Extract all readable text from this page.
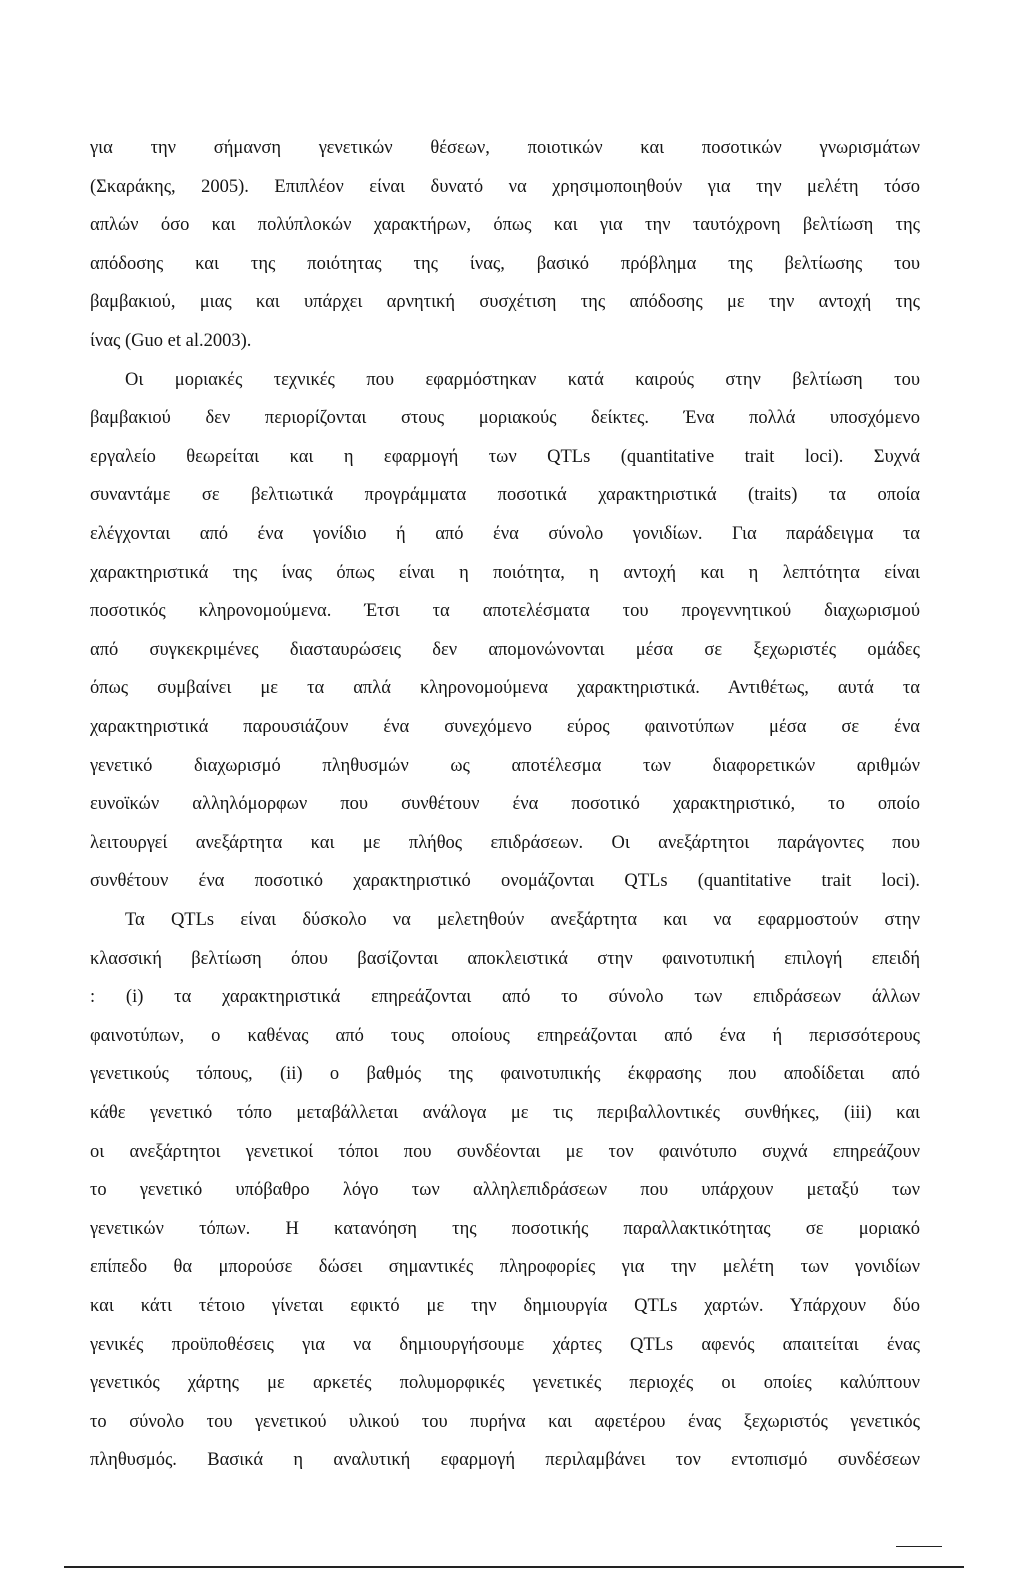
για την σήμανση γενετικών θέσεων, ποιοτικών και ποσοτικών γνωρισμάτων
(Σκαράκης, 2005). Επιπλέον είναι δυνατό να χρησιμοποιηθούν για την μελέτη τόσο
απλών όσο και πολύπλοκών χαρακτήρων, όπως και για την ταυτόχρονη βελτίωση της
απόδοσης και της ποιότητας της ίνας, βασικό πρόβλημα της βελτίωσης του
βαμβακιού, μιας και υπάρχει αρνητική συσχέτιση της απόδοσης με την αντοχή της
ίνας (Guo et al.2003).
Οι μοριακές τεχνικές που εφαρμόστηκαν κατά καιρούς στην βελτίωση του
βαμβακιού δεν περιορίζονται στους μοριακούς δείκτες. Ένα πολλά υποσχόμενο
εργαλείο θεωρείται και η εφαρμογή των QTLs (quantitative trait loci). Συχνά
συναντάμε σε βελτιωτικά προγράμματα ποσοτικά χαρακτηριστικά (traits) τα οποία
ελέγχονται από ένα γονίδιο ή από ένα σύνολο γονιδίων. Για παράδειγμα τα
χαρακτηριστικά της ίνας όπως είναι η ποιότητα, η αντοχή και η λεπτότητα είναι
ποσοτικός κληρονομούμενα. Έτσι τα αποτελέσματα του προγεννητικού διαχωρισμού
από συγκεκριμένες διασταυρώσεις δεν απομονώνονται μέσα σε ξεχωριστές ομάδες
όπως συμβαίνει με τα απλά κληρονομούμενα χαρακτηριστικά. Αντιθέτως, αυτά τα
χαρακτηριστικά παρουσιάζουν ένα συνεχόμενο εύρος φαινοτύπων μέσα σε ένα
γενετικό διαχωρισμό πληθυσμών ως αποτέλεσμα των διαφορετικών αριθμών
ευνοϊκών αλληλόμορφων που συνθέτουν ένα ποσοτικό χαρακτηριστικό, το οποίο
λειτουργεί ανεξάρτητα και με πλήθος επιδράσεων. Οι ανεξάρτητοι παράγοντες που
συνθέτουν ένα ποσοτικό χαρακτηριστικό ονομάζονται QTLs (quantitative trait loci).
Τα QTLs είναι δύσκολο να μελετηθούν ανεξάρτητα και να εφαρμοστούν στην
κλασσική βελτίωση όπου βασίζονται αποκλειστικά στην φαινοτυπική επιλογή επειδή
: (i) τα χαρακτηριστικά επηρεάζονται από το σύνολο των επιδράσεων άλλων
φαινοτύπων, ο καθένας από τους οποίους επηρεάζονται από ένα ή περισσότερους
γενετικούς τόπους, (ii) ο βαθμός της φαινοτυπικής έκφρασης που αποδίδεται από
κάθε γενετικό τόπο μεταβάλλεται ανάλογα με τις περιβαλλοντικές συνθήκες, (iii) και
οι ανεξάρτητοι γενετικοί τόποι που συνδέονται με τον φαινότυπο συχνά επηρεάζουν
το γενετικό υπόβαθρο λόγο των αλληλεπιδράσεων που υπάρχουν μεταξύ των
γενετικών τόπων. Η κατανόηση της ποσοτικής παραλλακτικότητας σε μοριακό
επίπεδο θα μπορούσε δώσει σημαντικές πληροφορίες για την μελέτη των γονιδίων
και κάτι τέτοιο γίνεται εφικτό με την δημιουργία QTLs χαρτών. Υπάρχουν δύο
γενικές προϋποθέσεις για να δημιουργήσουμε χάρτες QTLs αφενός απαιτείται ένας
γενετικός χάρτης με αρκετές πολυμορφικές γενετικές περιοχές οι οποίες καλύπτουν
το σύνολο του γενετικού υλικού του πυρήνα και αφετέρου ένας ξεχωριστός γενετικός
πληθυσμός. Βασικά η αναλυτική εφαρμογή περιλαμβάνει τον εντοπισμό συνδέσεων
